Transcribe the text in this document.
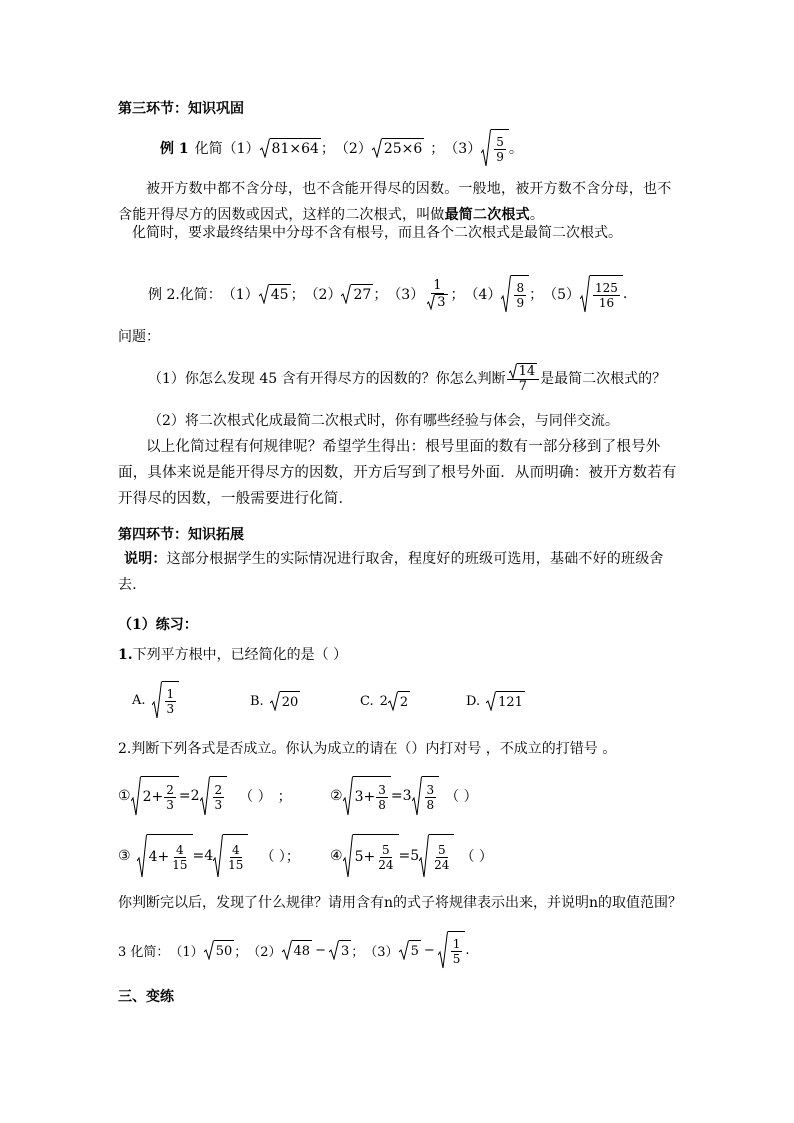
第三环节：知识巩固
例 1 化简 （1） 81×64 ； （2） 25×6 ； （3） 5
9 。
被开方数中都不含分母，也不含能开得尽的因数。一般地，被开方数不含分母，也不含能开得尽方的因数或因式，这样的二次根式，叫做最简二次根式。
化简时，要求最终结果中分母不含有根号，而且各个二次根式是最简二次根式。
例 2.化简： （1） 45 ； （2） 27 ； （3）
1
3 ； （4） 8
9 ； （5） 125
16
.
问题：
（1）你怎么发现 45 含有开得尽方的因数的？你怎么判断 14
7 是最简二次根式的？
（2）将二次根式化成最简二次根式时，你有哪些经验与体会，与同伴交流。
以上化简过程有何规律呢？希望学生得出：根号里面的数有一部分移到了根号外面，具体来说是能开得尽方的因数，开方后写到了根号外面．从而明确：被开方数若有开得尽的因数，一般需要进行化简．
第四环节：知识拓展
说明：这部分根据学生的实际情况进行取舍，程度好的班级可选用，基础不好的班级舍去．
（1）练习：
1.下列平方根中，已经简化的是（ ）
A. 1
3	B. 20	C. 2 2	D. 121
2.判断下列各式是否成立。你认为成立的请在（）内打对号 ，不成立的打错号 。
① $2 + \frac{2}{3} = 2$ 2
3 （ ） ；	② $3 + \frac{3}{8} = 3$ 3
8 （ ）
③ $4 + \frac{4}{15} = 4$ 4
15 （ ）； ④ $5 + \frac{5}{24} = 5$ 5
24 （ ）
你判断完以后，发现了什么规律？请用含有n的式子将规律表示出来，并说明n的取值范围？
3 化简： （1） 50 ； （2） 48 − 3 ； （3） 5 − 1
5
.
三、变练
